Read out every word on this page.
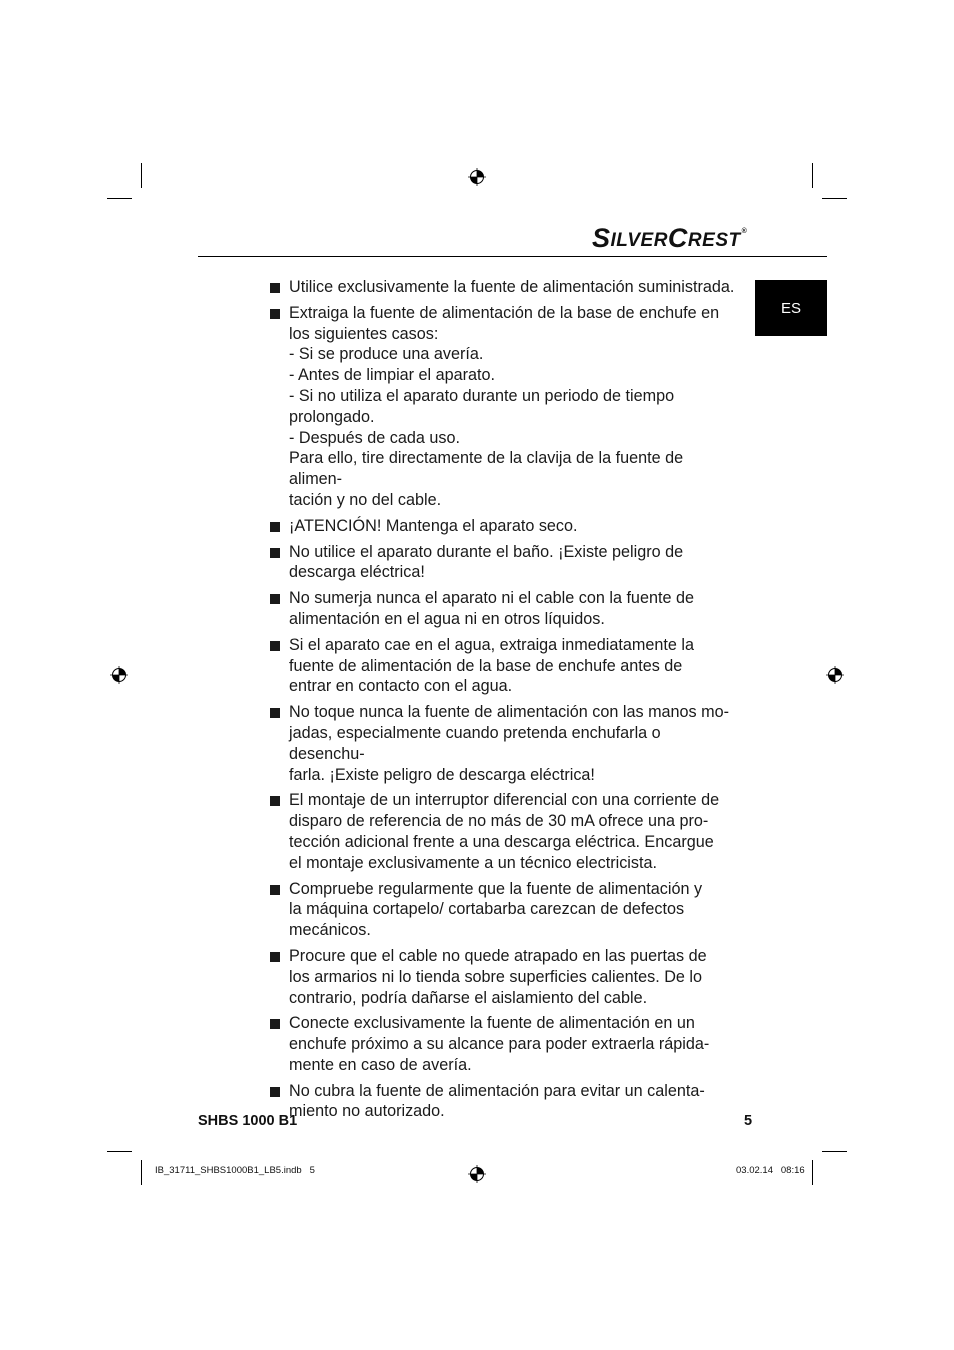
S ILVER C REST ®
ES

Utilice exclusivamente la fuente de alimentación suministrada.

Extraiga la fuente de alimentación de la base de enchufe en

los siguientes casos:

- Si se produce una avería.

- Antes de limpiar el aparato.

- Si no utiliza el aparato durante un periodo de tiempo

prolongado.

- Después de cada uso.

Para ello, tire directamente de la clavija de la fuente de alimen-

tación y no del cable.

¡ATENCIÓN! Mantenga el aparato seco.

No utilice el aparato durante el baño. ¡Existe peligro de

descarga eléctrica!

No sumerja nunca el aparato ni el cable con la fuente de

alimentación en el agua ni en otros líquidos.

Si el aparato cae en el agua, extraiga inmediatamente la

fuente de alimentación de la base de enchufe antes de

entrar en contacto con el agua.

No toque nunca la fuente de alimentación con las manos mo-

jadas, especialmente cuando pretenda enchufarla o desenchu-

farla. ¡Existe peligro de descarga eléctrica!

El montaje de un interruptor diferencial con una corriente de

disparo de referencia de no más de 30 mA ofrece una pro-

tección adicional frente a una descarga eléctrica. Encargue

el montaje exclusivamente a un técnico electricista.

Compruebe regularmente que la fuente de alimentación y

la máquina cortapelo/ cortabarba carezcan de defectos

mecánicos.

Procure que el cable no quede atrapado en las puertas de

los armarios ni lo tienda sobre superficies calientes. De lo

contrario, podría dañarse el aislamiento del cable.

Conecte exclusivamente la fuente de alimentación en un

enchufe próximo a su alcance para poder extraerla rápida-

mente en caso de avería.

No cubra la fuente de alimentación para evitar un calenta-

miento no autorizado.

SHBS 1000 B1	5
IB_31711_SHBS1000B1_LB5.indb   5	03.02.14   08:16
